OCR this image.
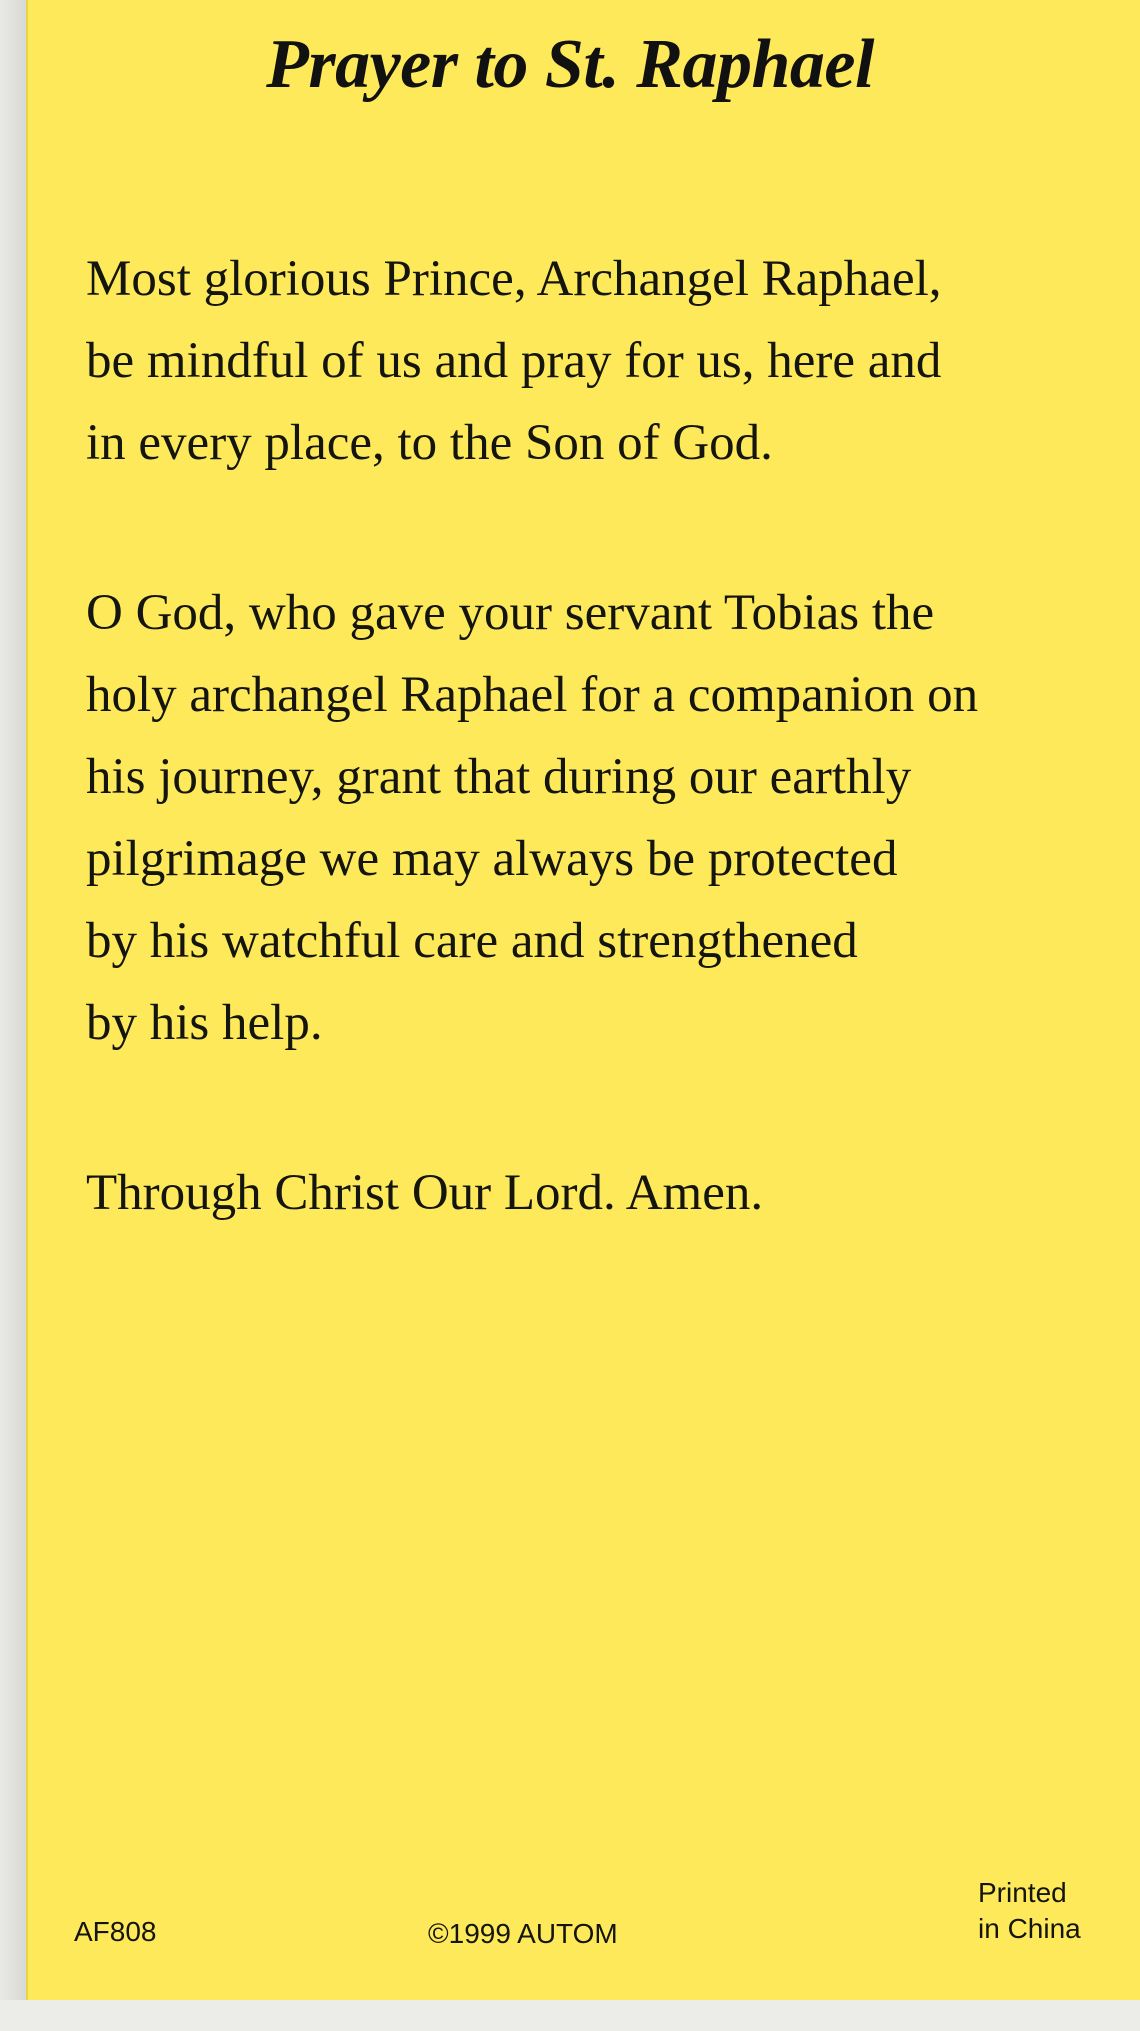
Prayer to St. Raphael
Most glorious Prince, Archangel Raphael,
be mindful of us and pray for us, here and
in every place, to the Son of God.
O God, who gave your servant Tobias the
holy archangel Raphael for a companion on
his journey, grant that during our earthly
pilgrimage we may always be protected
by his watchful care and strengthened
by his help.
Through Christ Our Lord. Amen.
AF808	©1999 AUTOM
Printed
in China
